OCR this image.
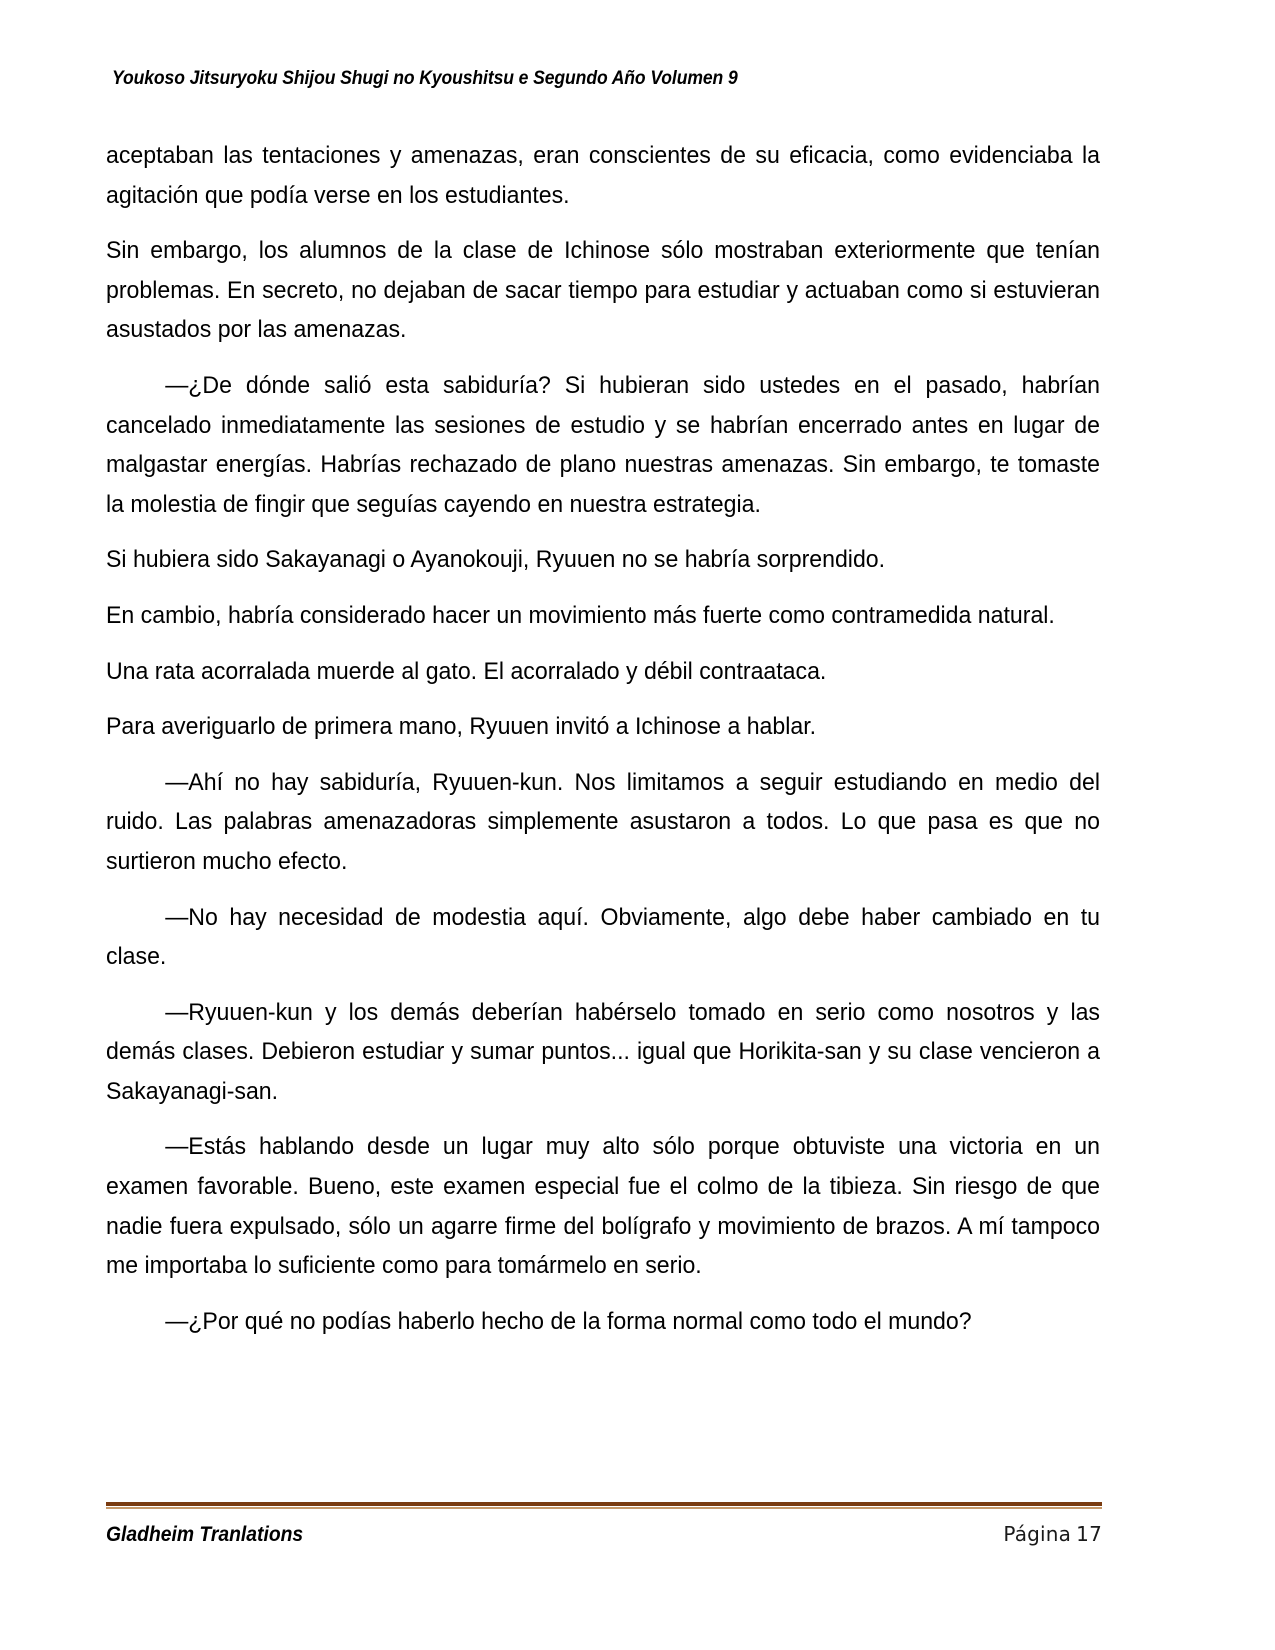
Youkoso Jitsuryoku Shijou Shugi no Kyoushitsu e Segundo Año Volumen 9

aceptaban las tentaciones y amenazas, eran conscientes de su eficacia, como evidenciaba la agitación que podía verse en los estudiantes.

Sin embargo, los alumnos de la clase de Ichinose sólo mostraban exteriormente que tenían problemas. En secreto, no dejaban de sacar tiempo para estudiar y actuaban como si estuvieran asustados por las amenazas.

—¿De dónde salió esta sabiduría? Si hubieran sido ustedes en el pasado, habrían cancelado inmediatamente las sesiones de estudio y se habrían encerrado antes en lugar de malgastar energías. Habrías rechazado de plano nuestras amenazas. Sin embargo, te tomaste la molestia de fingir que seguías cayendo en nuestra estrategia.

Si hubiera sido Sakayanagi o Ayanokouji, Ryuuen no se habría sorprendido.

En cambio, habría considerado hacer un movimiento más fuerte como contramedida natural.

Una rata acorralada muerde al gato. El acorralado y débil contraataca.

Para averiguarlo de primera mano, Ryuuen invitó a Ichinose a hablar.

—Ahí no hay sabiduría, Ryuuen-kun. Nos limitamos a seguir estudiando en medio del ruido. Las palabras amenazadoras simplemente asustaron a todos. Lo que pasa es que no surtieron mucho efecto.

—No hay necesidad de modestia aquí. Obviamente, algo debe haber cambiado en tu clase.

—Ryuuen-kun y los demás deberían habérselo tomado en serio como nosotros y las demás clases. Debieron estudiar y sumar puntos... igual que Horikita-san y su clase vencieron a Sakayanagi-san.

—Estás hablando desde un lugar muy alto sólo porque obtuviste una victoria en un examen favorable. Bueno, este examen especial fue el colmo de la tibieza. Sin riesgo de que nadie fuera expulsado, sólo un agarre firme del bolígrafo y movimiento de brazos. A mí tampoco me importaba lo suficiente como para tomármelo en serio.

—¿Por qué no podías haberlo hecho de la forma normal como todo el mundo?

Gladheim Tranlations	Página 17
